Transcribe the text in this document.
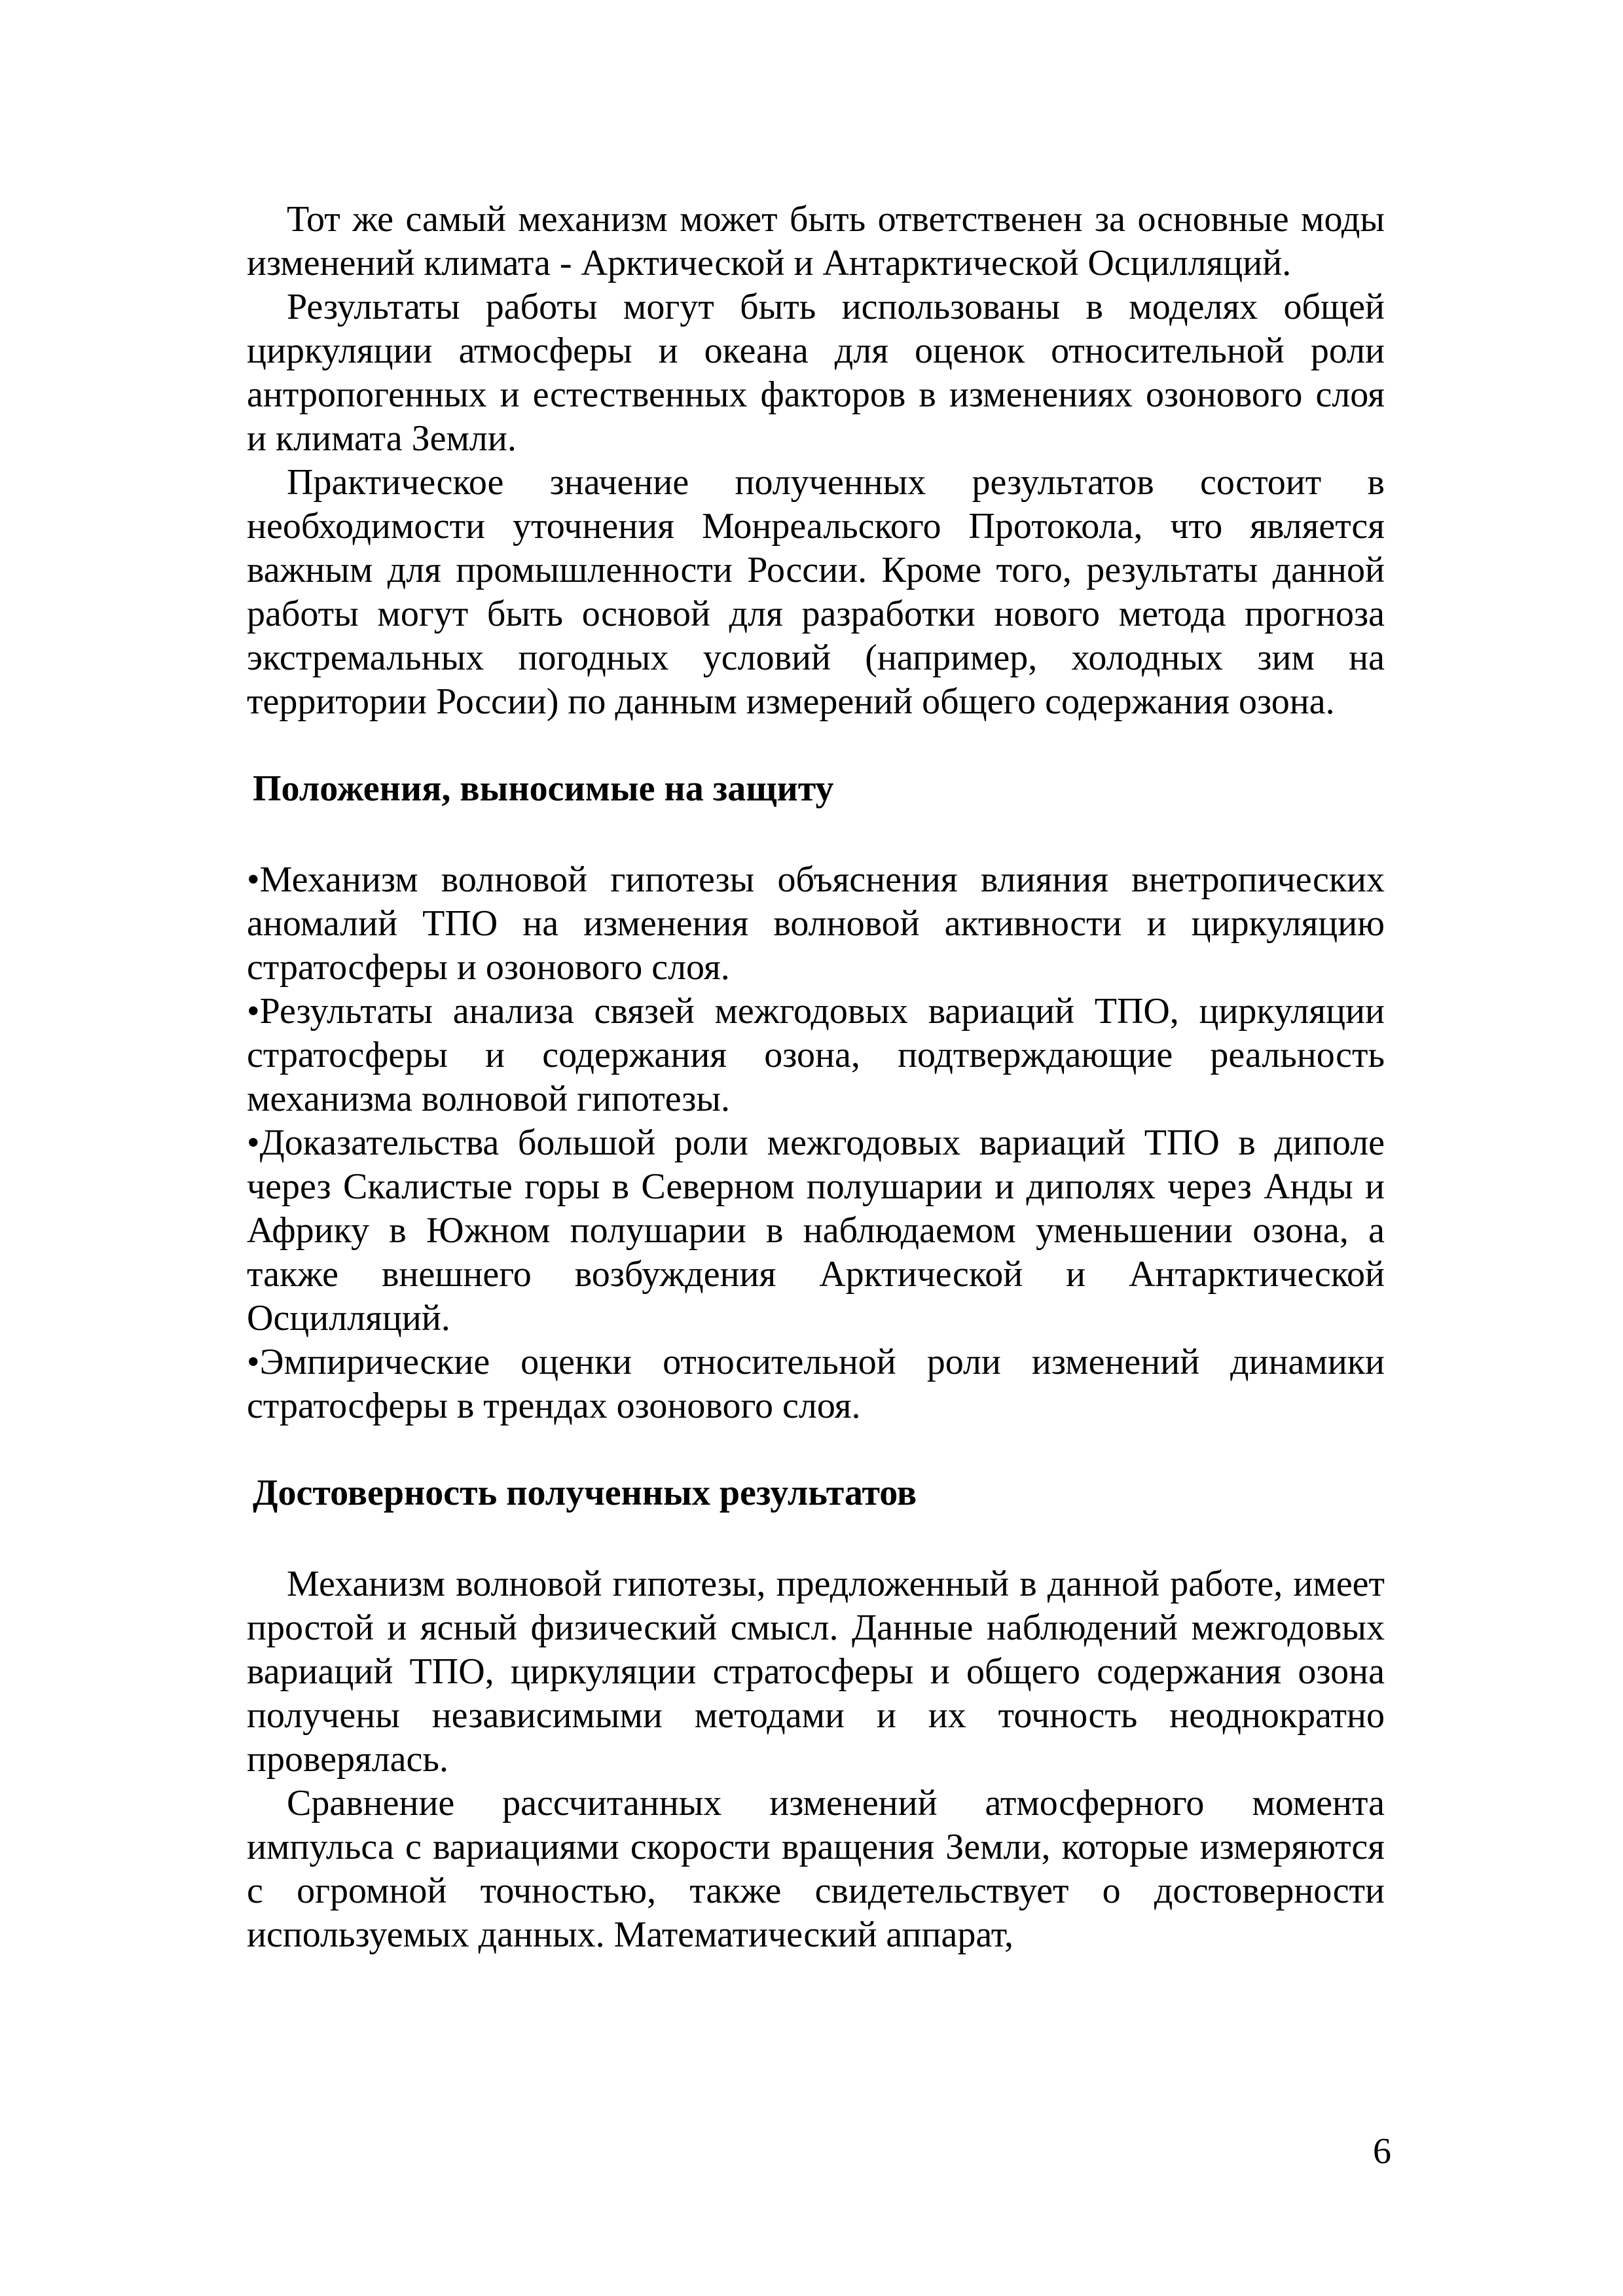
Тот же самый механизм может быть ответственен за основные моды изменений климата - Арктической и Антарктической Осцилляций.

Результаты работы могут быть использованы в моделях общей циркуляции атмосферы и океана для оценок относительной роли антропогенных и естественных факторов в изменениях озонового слоя и климата Земли.

Практическое значение полученных результатов состоит в необходимости уточнения Монреальского Протокола, что является важным для промышленности России. Кроме того, результаты данной работы могут быть основой для разработки нового метода прогноза экстремальных погодных условий (например, холодных зим на территории России) по данным измерений общего содержания озона.

Положения, выносимые на защиту

•Механизм волновой гипотезы объяснения влияния внетропических аномалий ТПО на изменения волновой активности и циркуляцию стратосферы и озонового слоя.

•Результаты анализа связей межгодовых вариаций ТПО, циркуляции стратосферы и содержания озона, подтверждающие реальность механизма волновой гипотезы.

•Доказательства большой роли межгодовых вариаций ТПО в диполе через Скалистые горы в Северном полушарии и диполях через Анды и Африку в Южном полушарии в наблюдаемом уменьшении озона, а также внешнего возбуждения Арктической и Антарктической Осцилляций.

•Эмпирические оценки относительной роли изменений динамики стратосферы в трендах озонового слоя.

Достоверность полученных результатов

Механизм волновой гипотезы, предложенный в данной работе, имеет простой и ясный физический смысл. Данные наблюдений межгодовых вариаций ТПО, циркуляции стратосферы и общего содержания озона получены независимыми методами и их точность неоднократно проверялась.

Сравнение рассчитанных изменений атмосферного момента импульса с вариациями скорости вращения Земли, которые измеряются с огромной точностью, также свидетельствует о достоверности используемых данных. Математический аппарат,

6
